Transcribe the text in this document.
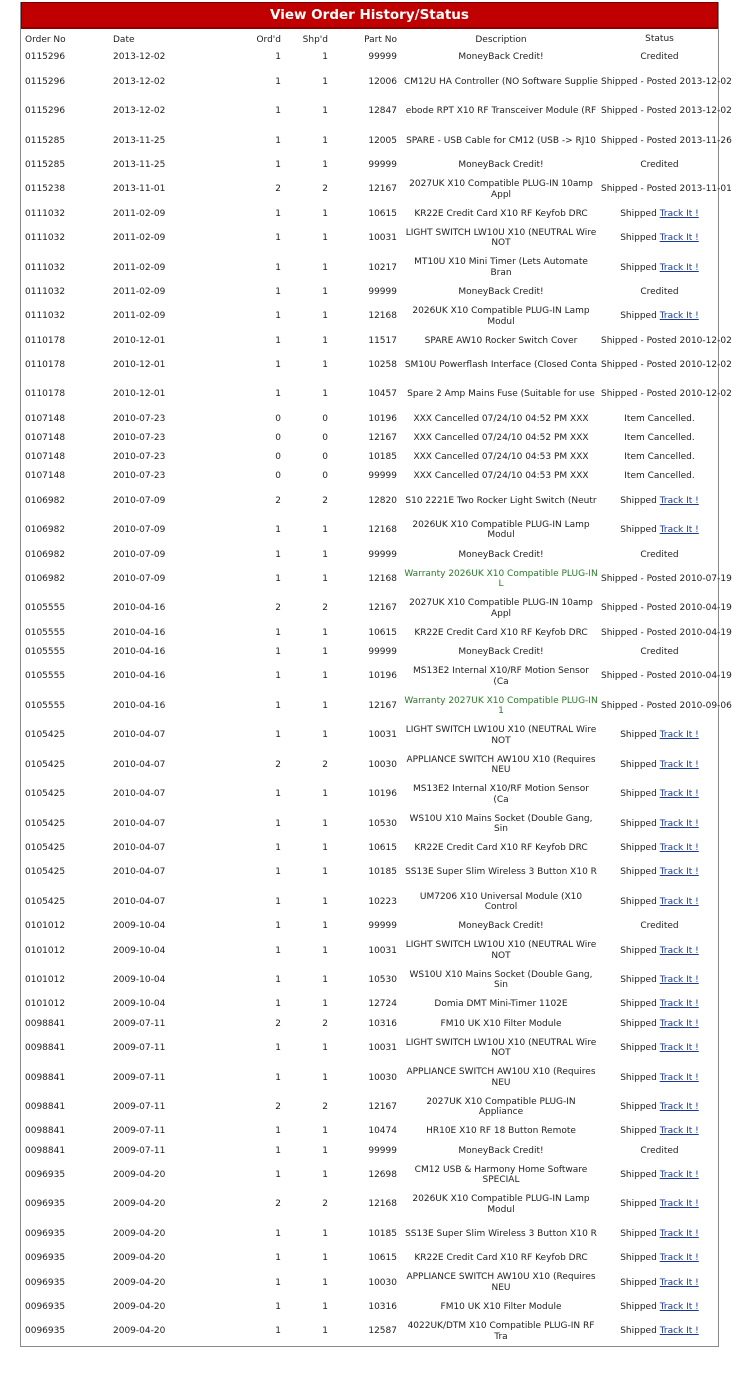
View Order History/Status
Order No	Date	Ord'd	Shp'd	Part No	Description	Status
0115296	2013-12-02	1	1	99999	MoneyBack Credit!	Credited
0115296	2013-12-02	1	1	12006	CM12U HA Controller (NO Software Supplie	Shipped - Posted 2013-12-02
0115296	2013-12-02	1	1	12847	ebode RPT X10 RF Transceiver Module (RF	Shipped - Posted 2013-12-02
0115285	2013-11-25	1	1	12005	SPARE - USB Cable for CM12 (USB -> RJ10	Shipped - Posted 2013-11-26
0115285	2013-11-25	1	1	99999	MoneyBack Credit!	Credited
0115238	2013-11-01	2	2	12167	2027UK X10 Compatible PLUG-IN 10amp Appl	Shipped - Posted 2013-11-01
0111032	2011-02-09	1	1	10615	KR22E Credit Card X10 RF Keyfob DRC	Shipped Track It !
0111032	2011-02-09	1	1	10031	LIGHT SWITCH LW10U X10 (NEUTRAL Wire NOT	Shipped Track It !
0111032	2011-02-09	1	1	10217	MT10U X10 Mini Timer (Lets Automate Bran	Shipped Track It !
0111032	2011-02-09	1	1	99999	MoneyBack Credit!	Credited
0111032	2011-02-09	1	1	12168	2026UK X10 Compatible PLUG-IN Lamp Modul	Shipped Track It !
0110178	2010-12-01	1	1	11517	SPARE AW10 Rocker Switch Cover	Shipped - Posted 2010-12-02
0110178	2010-12-01	1	1	10258	SM10U Powerflash Interface (Closed Conta	Shipped - Posted 2010-12-02
0110178	2010-12-01	1	1	10457	Spare 2 Amp Mains Fuse (Suitable for use	Shipped - Posted 2010-12-02
0107148	2010-07-23	0	0	10196	XXX Cancelled 07/24/10 04:52 PM XXX	Item Cancelled.
0107148	2010-07-23	0	0	12167	XXX Cancelled 07/24/10 04:52 PM XXX	Item Cancelled.
0107148	2010-07-23	0	0	10185	XXX Cancelled 07/24/10 04:53 PM XXX	Item Cancelled.
0107148	2010-07-23	0	0	99999	XXX Cancelled 07/24/10 04:53 PM XXX	Item Cancelled.
0106982	2010-07-09	2	2	12820	S10 2221E Two Rocker Light Switch (Neutr	Shipped Track It !
0106982	2010-07-09	1	1	12168	2026UK X10 Compatible PLUG-IN Lamp Modul	Shipped Track It !
0106982	2010-07-09	1	1	99999	MoneyBack Credit!	Credited
0106982	2010-07-09	1	1	12168	Warranty 2026UK X10 Compatible PLUG-IN L	Shipped - Posted 2010-07-19
0105555	2010-04-16	2	2	12167	2027UK X10 Compatible PLUG-IN 10amp Appl	Shipped - Posted 2010-04-19
0105555	2010-04-16	1	1	10615	KR22E Credit Card X10 RF Keyfob DRC	Shipped - Posted 2010-04-19
0105555	2010-04-16	1	1	99999	MoneyBack Credit!	Credited
0105555	2010-04-16	1	1	10196	MS13E2 Internal X10/RF Motion Sensor (Ca	Shipped - Posted 2010-04-19
0105555	2010-04-16	1	1	12167	Warranty 2027UK X10 Compatible PLUG-IN 1	Shipped - Posted 2010-09-06
0105425	2010-04-07	1	1	10031	LIGHT SWITCH LW10U X10 (NEUTRAL Wire NOT	Shipped Track It !
0105425	2010-04-07	2	2	10030	APPLIANCE SWITCH AW10U X10 (Requires NEU	Shipped Track It !
0105425	2010-04-07	1	1	10196	MS13E2 Internal X10/RF Motion Sensor (Ca	Shipped Track It !
0105425	2010-04-07	1	1	10530	WS10U X10 Mains Socket (Double Gang, Sin	Shipped Track It !
0105425	2010-04-07	1	1	10615	KR22E Credit Card X10 RF Keyfob DRC	Shipped Track It !
0105425	2010-04-07	1	1	10185	SS13E Super Slim Wireless 3 Button X10 R	Shipped Track It !
0105425	2010-04-07	1	1	10223	UM7206 X10 Universal Module (X10 Control	Shipped Track It !
0101012	2009-10-04	1	1	99999	MoneyBack Credit!	Credited
0101012	2009-10-04	1	1	10031	LIGHT SWITCH LW10U X10 (NEUTRAL Wire NOT	Shipped Track It !
0101012	2009-10-04	1	1	10530	WS10U X10 Mains Socket (Double Gang, Sin	Shipped Track It !
0101012	2009-10-04	1	1	12724	Domia DMT Mini-Timer 1102E	Shipped Track It !
0098841	2009-07-11	2	2	10316	FM10 UK X10 Filter Module	Shipped Track It !
0098841	2009-07-11	1	1	10031	LIGHT SWITCH LW10U X10 (NEUTRAL Wire NOT	Shipped Track It !
0098841	2009-07-11	1	1	10030	APPLIANCE SWITCH AW10U X10 (Requires NEU	Shipped Track It !
0098841	2009-07-11	2	2	12167	2027UK X10 Compatible PLUG-IN Appliance	Shipped Track It !
0098841	2009-07-11	1	1	10474	HR10E X10 RF 18 Button Remote	Shipped Track It !
0098841	2009-07-11	1	1	99999	MoneyBack Credit!	Credited
0096935	2009-04-20	1	1	12698	CM12 USB & Harmony Home Software SPECIAL	Shipped Track It !
0096935	2009-04-20	2	2	12168	2026UK X10 Compatible PLUG-IN Lamp Modul	Shipped Track It !
0096935	2009-04-20	1	1	10185	SS13E Super Slim Wireless 3 Button X10 R	Shipped Track It !
0096935	2009-04-20	1	1	10615	KR22E Credit Card X10 RF Keyfob DRC	Shipped Track It !
0096935	2009-04-20	1	1	10030	APPLIANCE SWITCH AW10U X10 (Requires NEU	Shipped Track It !
0096935	2009-04-20	1	1	10316	FM10 UK X10 Filter Module	Shipped Track It !
0096935	2009-04-20	1	1	12587	4022UK/DTM X10 Compatible PLUG-IN RF Tra	Shipped Track It !
